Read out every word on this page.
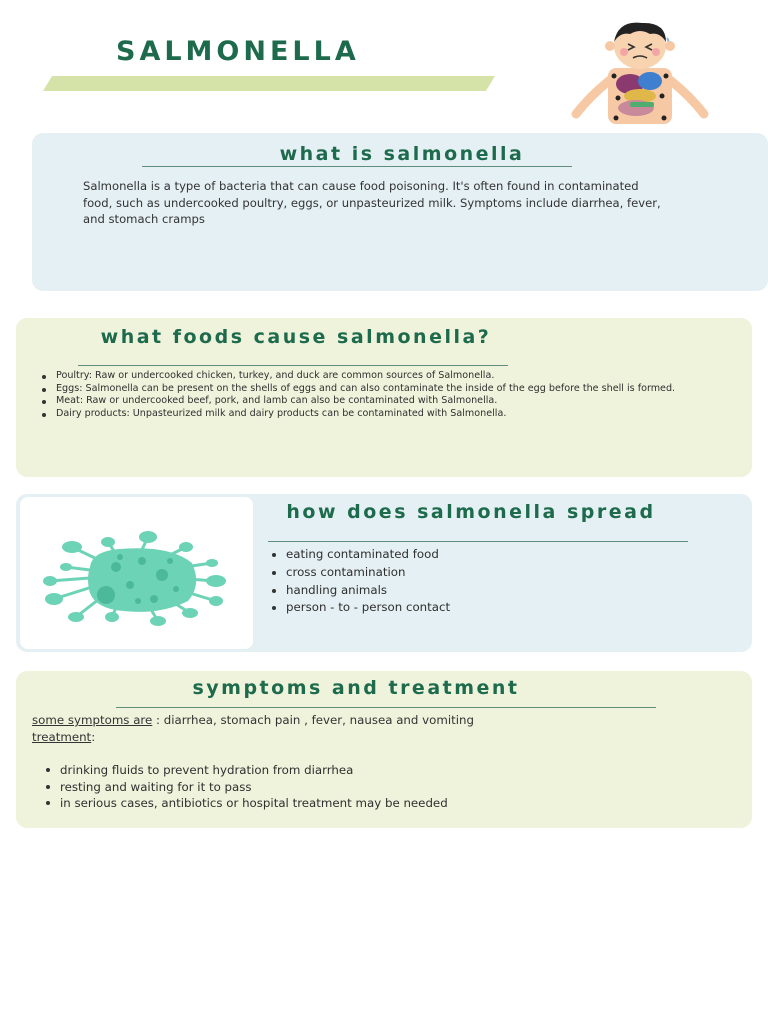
SALMONELLA
what is salmonella

Salmonella is a type of bacteria that can cause food poisoning. It's often found in contaminated food, such as undercooked poultry, eggs, or unpasteurized milk. Symptoms include diarrhea, fever, and stomach cramps

what foods cause salmonella?
Poultry: Raw or undercooked chicken, turkey, and duck are common sources of Salmonella.
Eggs: Salmonella can be present on the shells of eggs and can also contaminate the inside of the egg before the shell is formed.
Meat: Raw or undercooked beef, pork, and lamb can also be contaminated with Salmonella.
Dairy products: Unpasteurized milk and dairy products can be contaminated with Salmonella.
how does salmonella spread
eating contaminated food
cross contamination
handling animals
person - to - person contact
symptoms and treatment

some symptoms are : diarrhea, stomach pain , fever, nausea and vomiting
treatment:

drinking fluids to prevent hydration from diarrhea
resting and waiting for it to pass
in serious cases, antibiotics or hospital treatment may be needed
